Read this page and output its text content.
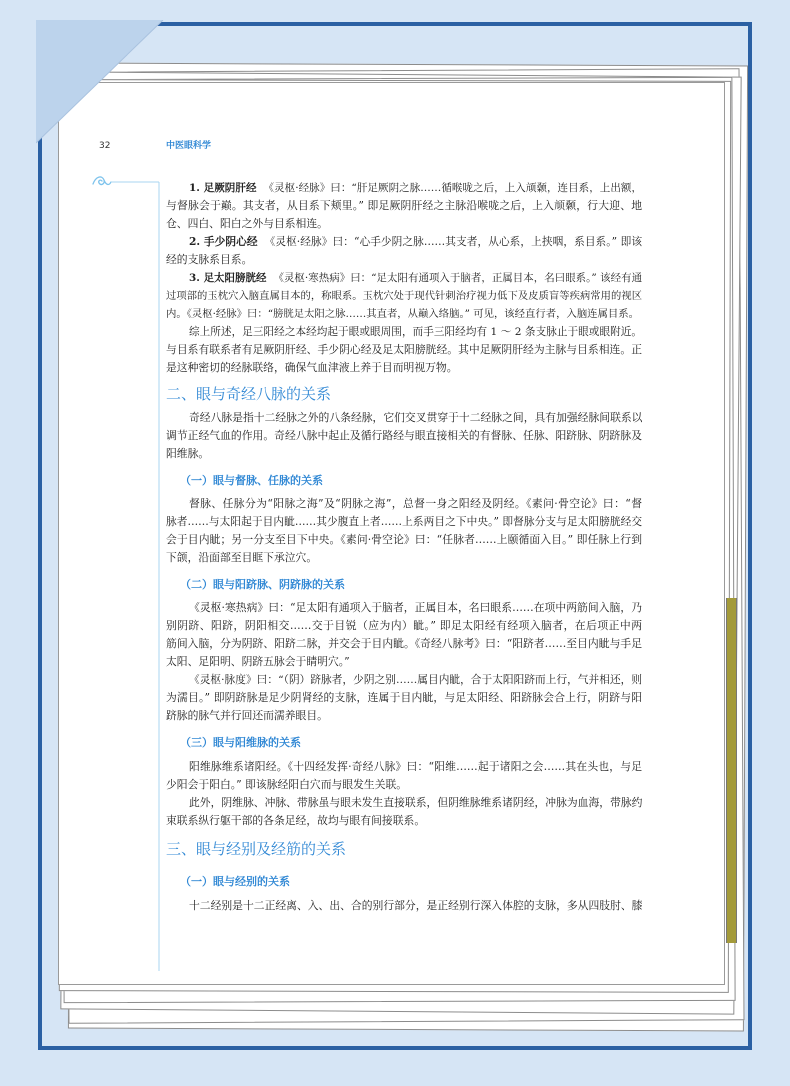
32	中医眼科学
1. 足厥阴肝经 《灵枢·经脉》曰：“肝足厥阴之脉……循喉咙之后，上入颃颡，连目系，上出额，
与督脉会于巅。其支者，从目系下颊里。” 即足厥阴肝经之主脉沿喉咙之后，上入颃颡，行大迎、地
仓、四白、阳白之外与目系相连。
2. 手少阴心经 《灵枢·经脉》曰：“心手少阴之脉……其支者，从心系，上挟咽，系目系。” 即该
经的支脉系目系。
3. 足太阳膀胱经 《灵枢·寒热病》曰：“足太阳有通项入于脑者，正属目本，名曰眼系。” 该经有通
过项部的玉枕穴入脑直属目本的，称眼系。玉枕穴处于现代针刺治疗视力低下及皮质盲等疾病常用的视区
内。《灵枢·经脉》曰：“膀胱足太阳之脉……其直者，从巅入络脑。” 可见，该经直行者，入脑连属目系。
综上所述，足三阳经之本经均起于眼或眼周围，而手三阳经均有 1 ～ 2 条支脉止于眼或眼附近。
与目系有联系者有足厥阴肝经、手少阴心经及足太阳膀胱经。其中足厥阴肝经为主脉与目系相连。正
是这种密切的经脉联络，确保气血津液上养于目而明视万物。
二、眼与奇经八脉的关系
奇经八脉是指十二经脉之外的八条经脉，它们交叉贯穿于十二经脉之间，具有加强经脉间联系以
调节正经气血的作用。奇经八脉中起止及循行路经与眼直接相关的有督脉、任脉、阳跻脉、阴跻脉及
阳维脉。
（一）眼与督脉、任脉的关系
督脉、任脉分为“阳脉之海”及“阴脉之海”，总督一身之阳经及阴经。《素问·骨空论》曰：“督
脉者……与太阳起于目内眦……其少腹直上者……上系两目之下中央。” 即督脉分支与足太阳膀胱经交
会于目内眦；另一分支至目下中央。《素问·骨空论》曰：“任脉者……上颐循面入目。” 即任脉上行到
下颌，沿面部至目眶下承泣穴。
（二）眼与阳跻脉、阴跻脉的关系
《灵枢·寒热病》曰：“足太阳有通项入于脑者，正属目本，名曰眼系……在项中两筋间入脑，乃
别阴跻、阳跻，阴阳相交……交于目锐（应为内）眦。” 即足太阳经有经项入脑者，在后项正中两
筋间入脑，分为阴跻、阳跻二脉，并交会于目内眦。《奇经八脉考》曰：“阳跻者……至目内眦与手足
太阳、足阳明、阴跻五脉会于睛明穴。”
《灵枢·脉度》曰：“（阴）跻脉者，少阴之别……属目内眦，合于太阳阳跻而上行，气并相还，则
为濡目。” 即阴跻脉是足少阴肾经的支脉，连属于目内眦，与足太阳经、阳跻脉会合上行，阴跻与阳
跻脉的脉气并行回还而濡养眼目。
（三）眼与阳维脉的关系
阳维脉维系诸阳经。《十四经发挥·奇经八脉》曰：“阳维……起于诸阳之会……其在头也，与足
少阳会于阳白。” 即该脉经阳白穴而与眼发生关联。
此外，阴维脉、冲脉、带脉虽与眼未发生直接联系，但阴维脉维系诸阴经，冲脉为血海，带脉约
束联系纵行躯干部的各条足经，故均与眼有间接联系。
三、眼与经别及经筋的关系
（一）眼与经别的关系
十二经别是十二正经离、入、出、合的别行部分，是正经别行深入体腔的支脉，多从四肢肘、膝
